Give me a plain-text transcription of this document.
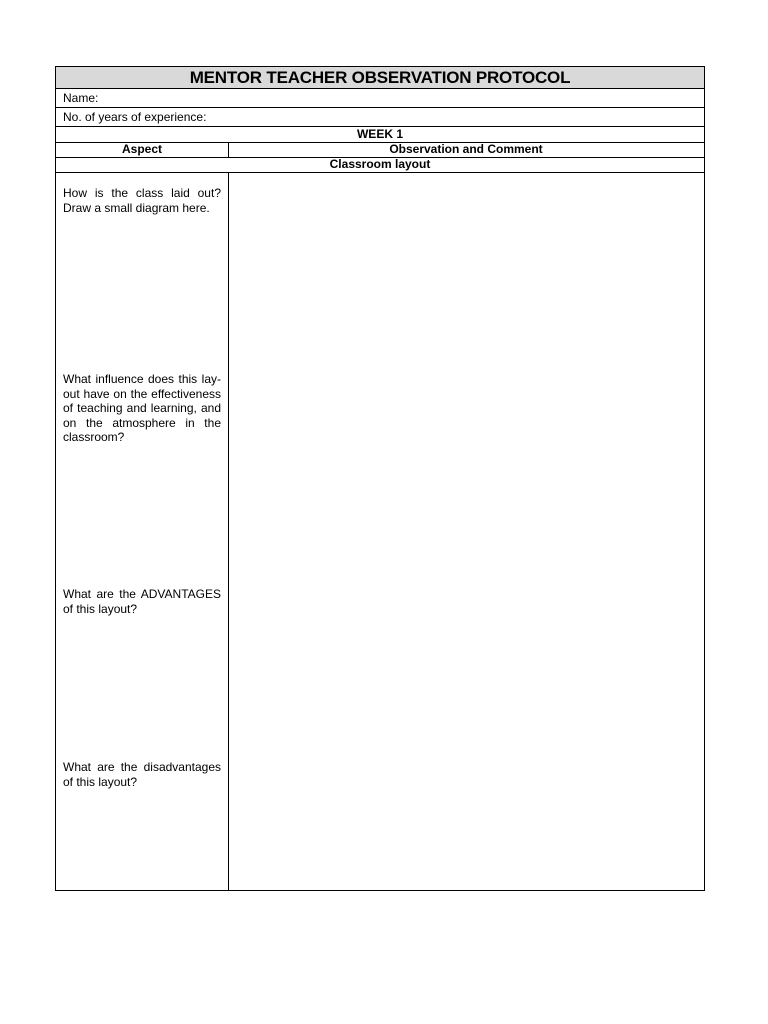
MENTOR TEACHER OBSERVATION PROTOCOL
Name:
No. of years of experience:
WEEK 1
Aspect	Observation and Comment
Classroom layout
How is the class laid out? Draw a small diagram here.
What influence does this lay-out have on the effectiveness of teaching and learning, and on the atmosphere in the classroom?
What are the ADVANTAGES of this layout?
What are the disadvantages of this layout?
